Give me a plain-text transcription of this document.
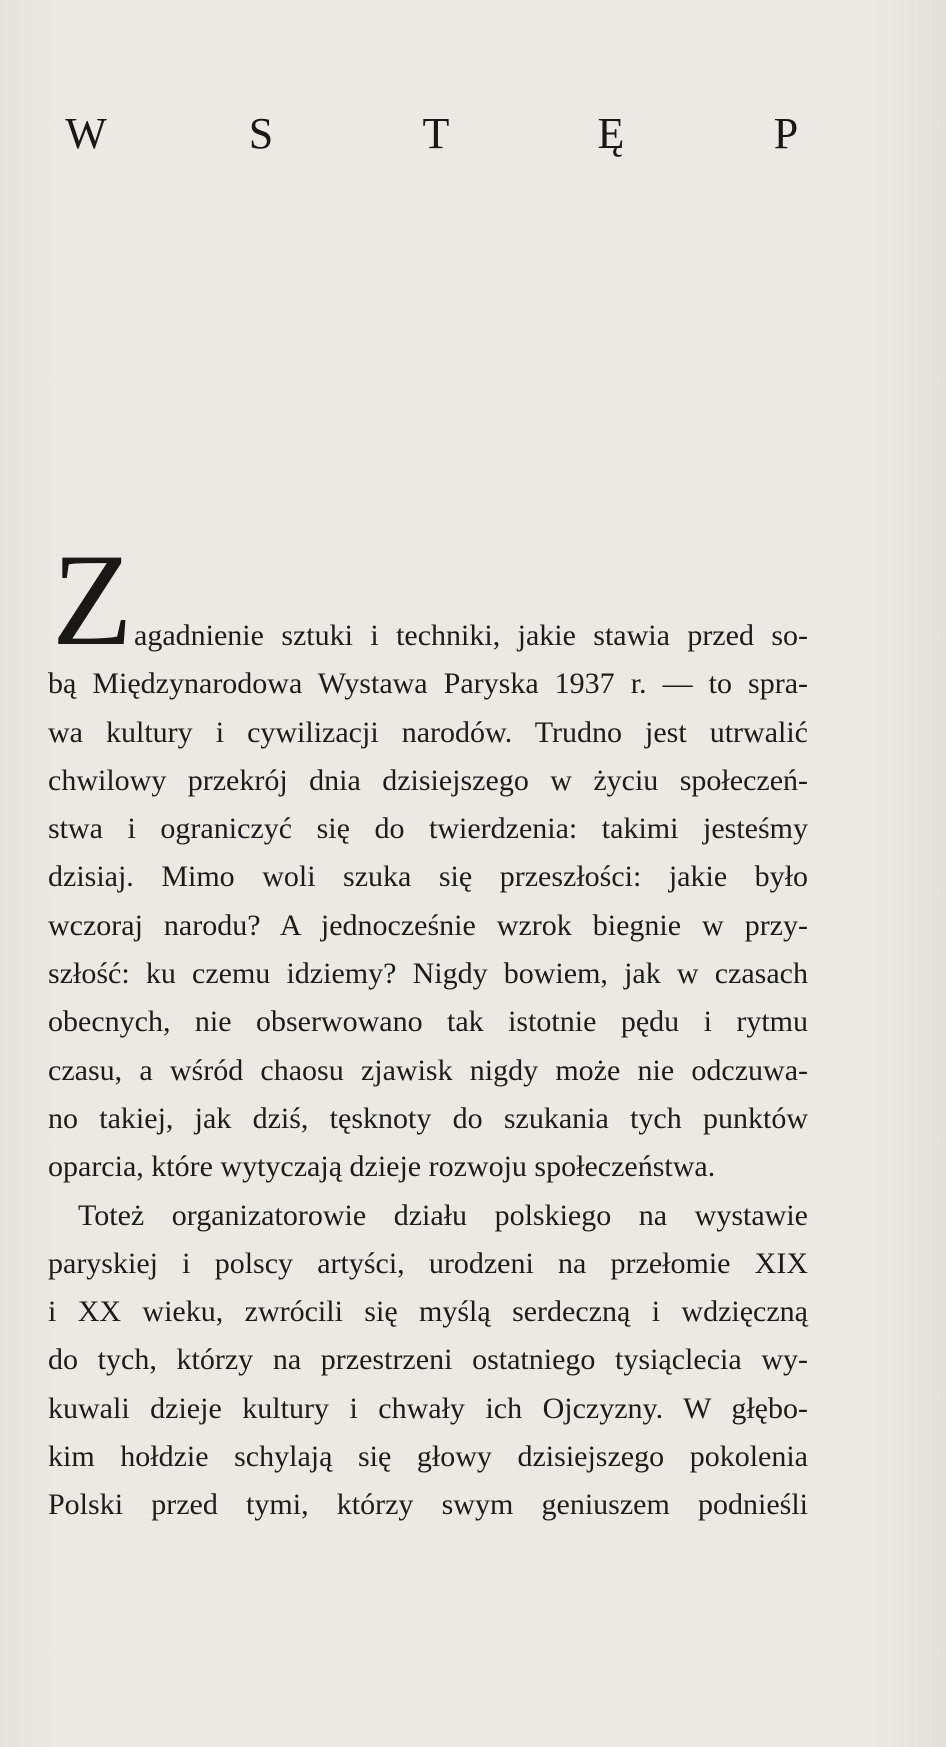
W	S	T	Ę	P
Z agadnienie sztuki i techniki, jakie stawia przed so-
bą Międzynarodowa Wystawa Paryska 1937 r. — to spra-
wa kultury i cywilizacji narodów. Trudno jest utrwalić
chwilowy przekrój dnia dzisiejszego w życiu społeczeń-
stwa i ograniczyć się do twierdzenia: takimi jesteśmy
dzisiaj. Mimo woli szuka się przeszłości: jakie było
wczoraj narodu? A jednocześnie wzrok biegnie w przy-
szłość: ku czemu idziemy? Nigdy bowiem, jak w czasach
obecnych, nie obserwowano tak istotnie pędu i rytmu
czasu, a wśród chaosu zjawisk nigdy może nie odczuwa-
no takiej, jak dziś, tęsknoty do szukania tych punktów
oparcia, które wytyczają dzieje rozwoju społeczeństwa.
Toteż organizatorowie działu polskiego na wystawie
paryskiej i polscy artyści, urodzeni na przełomie XIX
i XX wieku, zwrócili się myślą serdeczną i wdzięczną
do tych, którzy na przestrzeni ostatniego tysiąclecia wy-
kuwali dzieje kultury i chwały ich Ojczyzny. W głębo-
kim hołdzie schylają się głowy dzisiejszego pokolenia
Polski przed tymi, którzy swym geniuszem podnieśli
